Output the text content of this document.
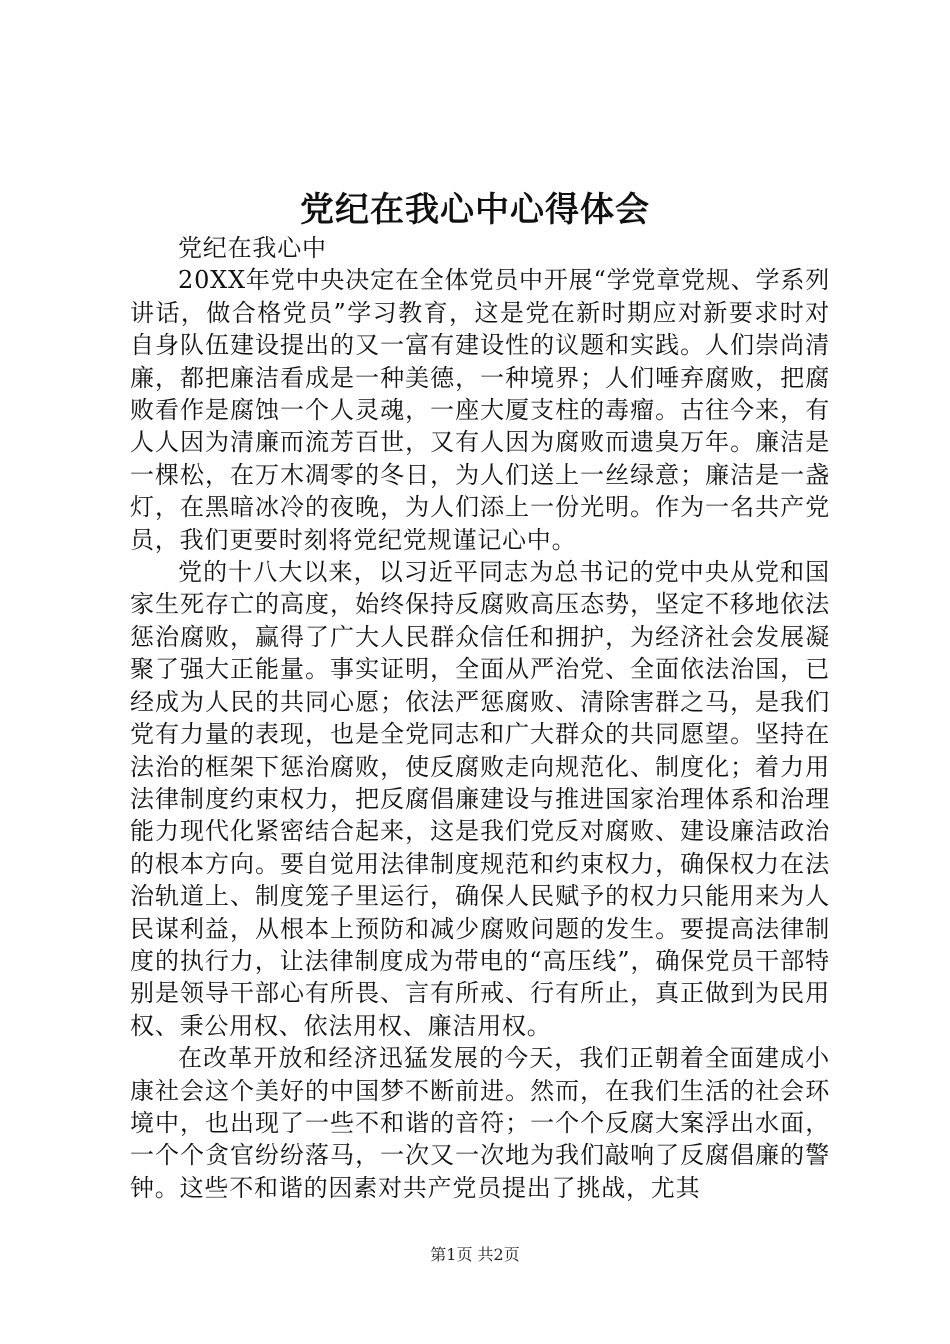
党纪在我心中心得体会

党纪在我心中

20XX年党中央决定在全体党员中开展“学党章党规、学系列讲话，做合格党员”学习教育，这是党在新时期应对新要求时对自身队伍建设提出的又一富有建设性的议题和实践。人们崇尚清廉，都把廉洁看成是一种美德，一种境界；人们唾弃腐败，把腐败看作是腐蚀一个人灵魂，一座大厦支柱的毒瘤。古往今来，有人人因为清廉而流芳百世，又有人因为腐败而遗臭万年。廉洁是一棵松，在万木凋零的冬日，为人们送上一丝绿意；廉洁是一盏灯，在黑暗冰冷的夜晚，为人们添上一份光明。作为一名共产党员，我们更要时刻将党纪党规谨记心中。

党的十八大以来，以习近平同志为总书记的党中央从党和国家生死存亡的高度，始终保持反腐败高压态势，坚定不移地依法惩治腐败，赢得了广大人民群众信任和拥护，为经济社会发展凝聚了强大正能量。事实证明，全面从严治党、全面依法治国，已经成为人民的共同心愿；依法严惩腐败、清除害群之马，是我们党有力量的表现，也是全党同志和广大群众的共同愿望。坚持在法治的框架下惩治腐败，使反腐败走向规范化、制度化；着力用法律制度约束权力，把反腐倡廉建设与推进国家治理体系和治理能力现代化紧密结合起来，这是我们党反对腐败、建设廉洁政治的根本方向。要自觉用法律制度规范和约束权力，确保权力在法治轨道上、制度笼子里运行，确保人民赋予的权力只能用来为人民谋利益，从根本上预防和减少腐败问题的发生。要提高法律制度的执行力，让法律制度成为带电的“高压线”，确保党员干部特别是领导干部心有所畏、言有所戒、行有所止，真正做到为民用权、秉公用权、依法用权、廉洁用权。

在改革开放和经济迅猛发展的今天，我们正朝着全面建成小康社会这个美好的中国梦不断前进。然而，在我们生活的社会环境中，也出现了一些不和谐的音符；一个个反腐大案浮出水面，一个个贪官纷纷落马，一次又一次地为我们敲响了反腐倡廉的警钟。这些不和谐的因素对共产党员提出了挑战，尤其

第1页 共2页
